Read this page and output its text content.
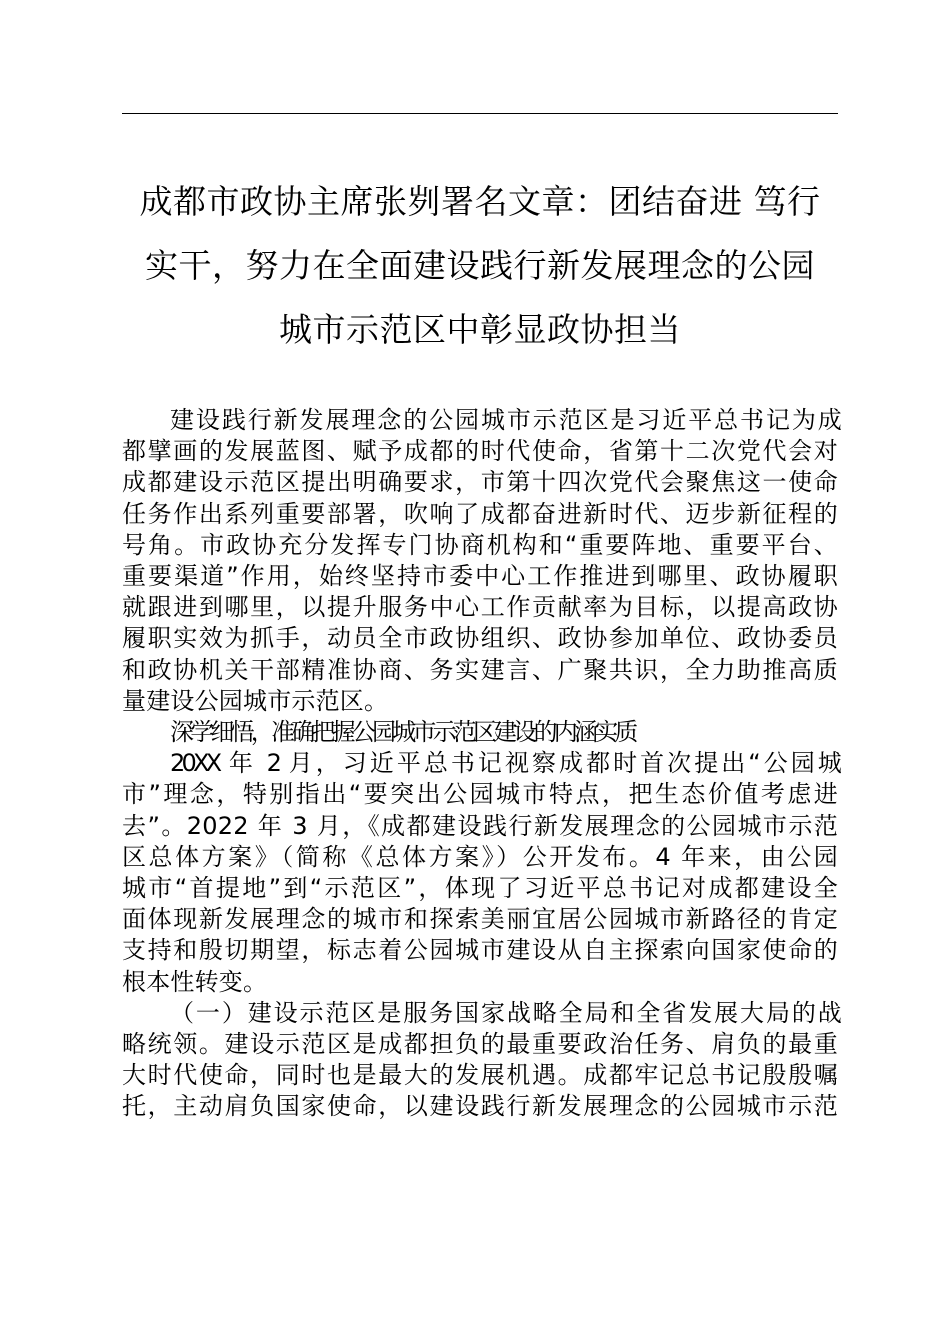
成都市政协主席张刿署名文章：团结奋进 笃行
实干，努力在全面建设践行新发展理念的公园
城市示范区中彰显政协担当

建设践行新发展理念的公园城市示范区是习近平总书记为成
都擘画的发展蓝图、赋予成都的时代使命，省第十二次党代会对
成都建设示范区提出明确要求，市第十四次党代会聚焦这一使命
任务作出系列重要部署，吹响了成都奋进新时代、迈步新征程的
号角。市政协充分发挥专门协商机构和“重要阵地、重要平台、
重要渠道”作用，始终坚持市委中心工作推进到哪里、政协履职
就跟进到哪里，以提升服务中心工作贡献率为目标，以提高政协
履职实效为抓手，动员全市政协组织、政协参加单位、政协委员
和政协机关干部精准协商、务实建言、广聚共识，全力助推高质
量建设公园城市示范区。

深学细悟，准确把握公园城市示范区建设的内涵实质

20XX 年 2 月，习近平总书记视察成都时首次提出“公园城
市”理念，特别指出“要突出公园城市特点，把生态价值考虑进
去”。2022 年 3 月，《成都建设践行新发展理念的公园城市示范
区总体方案》（简称《总体方案》）公开发布。4 年来，由公园
城市“首提地”到“示范区”，体现了习近平总书记对成都建设全
面体现新发展理念的城市和探索美丽宜居公园城市新路径的肯定
支持和殷切期望，标志着公园城市建设从自主探索向国家使命的
根本性转变。

（一）建设示范区是服务国家战略全局和全省发展大局的战
略统领。建设示范区是成都担负的最重要政治任务、肩负的最重
大时代使命，同时也是最大的发展机遇。成都牢记总书记殷殷嘱
托，主动肩负国家使命，以建设践行新发展理念的公园城市示范
